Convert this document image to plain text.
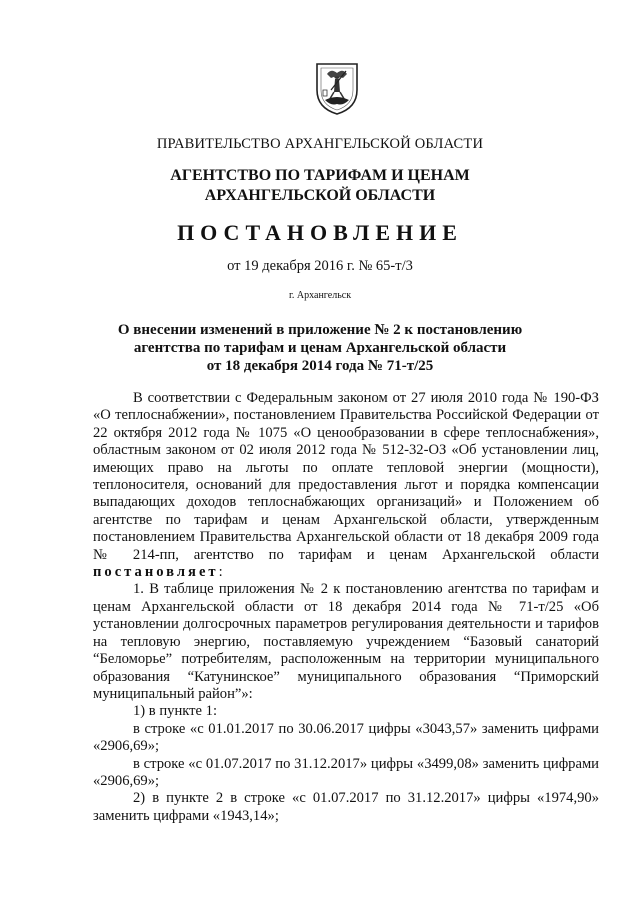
ПРАВИТЕЛЬСТВО АРХАНГЕЛЬСКОЙ ОБЛАСТИ
АГЕНТСТВО ПО ТАРИФАМ И ЦЕНАМ
АРХАНГЕЛЬСКОЙ ОБЛАСТИ
ПОСТАНОВЛЕНИЕ
от 19 декабря 2016 г. № 65-т/3
г. Архангельск
О внесении изменений в приложение № 2 к постановлению
агентства по тарифам и ценам Архангельской области
от 18 декабря 2014 года № 71-т/25

В соответствии с Федеральным законом от 27 июля 2010 года № 190-ФЗ «О теплоснабжении», постановлением Правительства Российской Федерации от 22 октября 2012 года № 1075 «О ценообразовании в сфере теплоснабжения», областным законом от 02 июля 2012 года № 512-32-ОЗ «Об установлении лиц, имеющих право на льготы по оплате тепловой энергии (мощности), теплоносителя, оснований для предоставления льгот и порядка компенсации выпадающих доходов теплоснабжающих организаций» и Положением об агентстве по тарифам и ценам Архангельской области, утвержденным постановлением Правительства Архангельской области от 18 декабря 2009 года № 214-пп, агентство по тарифам и ценам Архангельской области постановляет:

1. В таблице приложения № 2 к постановлению агентства по тарифам и ценам Архангельской области от 18 декабря 2014 года № 71-т/25 «Об установлении долгосрочных параметров регулирования деятельности и тарифов на тепловую энергию, поставляемую учреждением “Базовый санаторий “Беломорье” потребителям, расположенным на территории муниципального образования “Катунинское” муниципального образования “Приморский муниципальный район”»:

1) в пункте 1:

в строке «с 01.01.2017 по 30.06.2017 цифры «3043,57» заменить цифрами «2906,69»;

в строке «с 01.07.2017 по 31.12.2017» цифры «3499,08» заменить цифрами «2906,69»;

2) в пункте 2 в строке «с 01.07.2017 по 31.12.2017» цифры «1974,90» заменить цифрами «1943,14»;
